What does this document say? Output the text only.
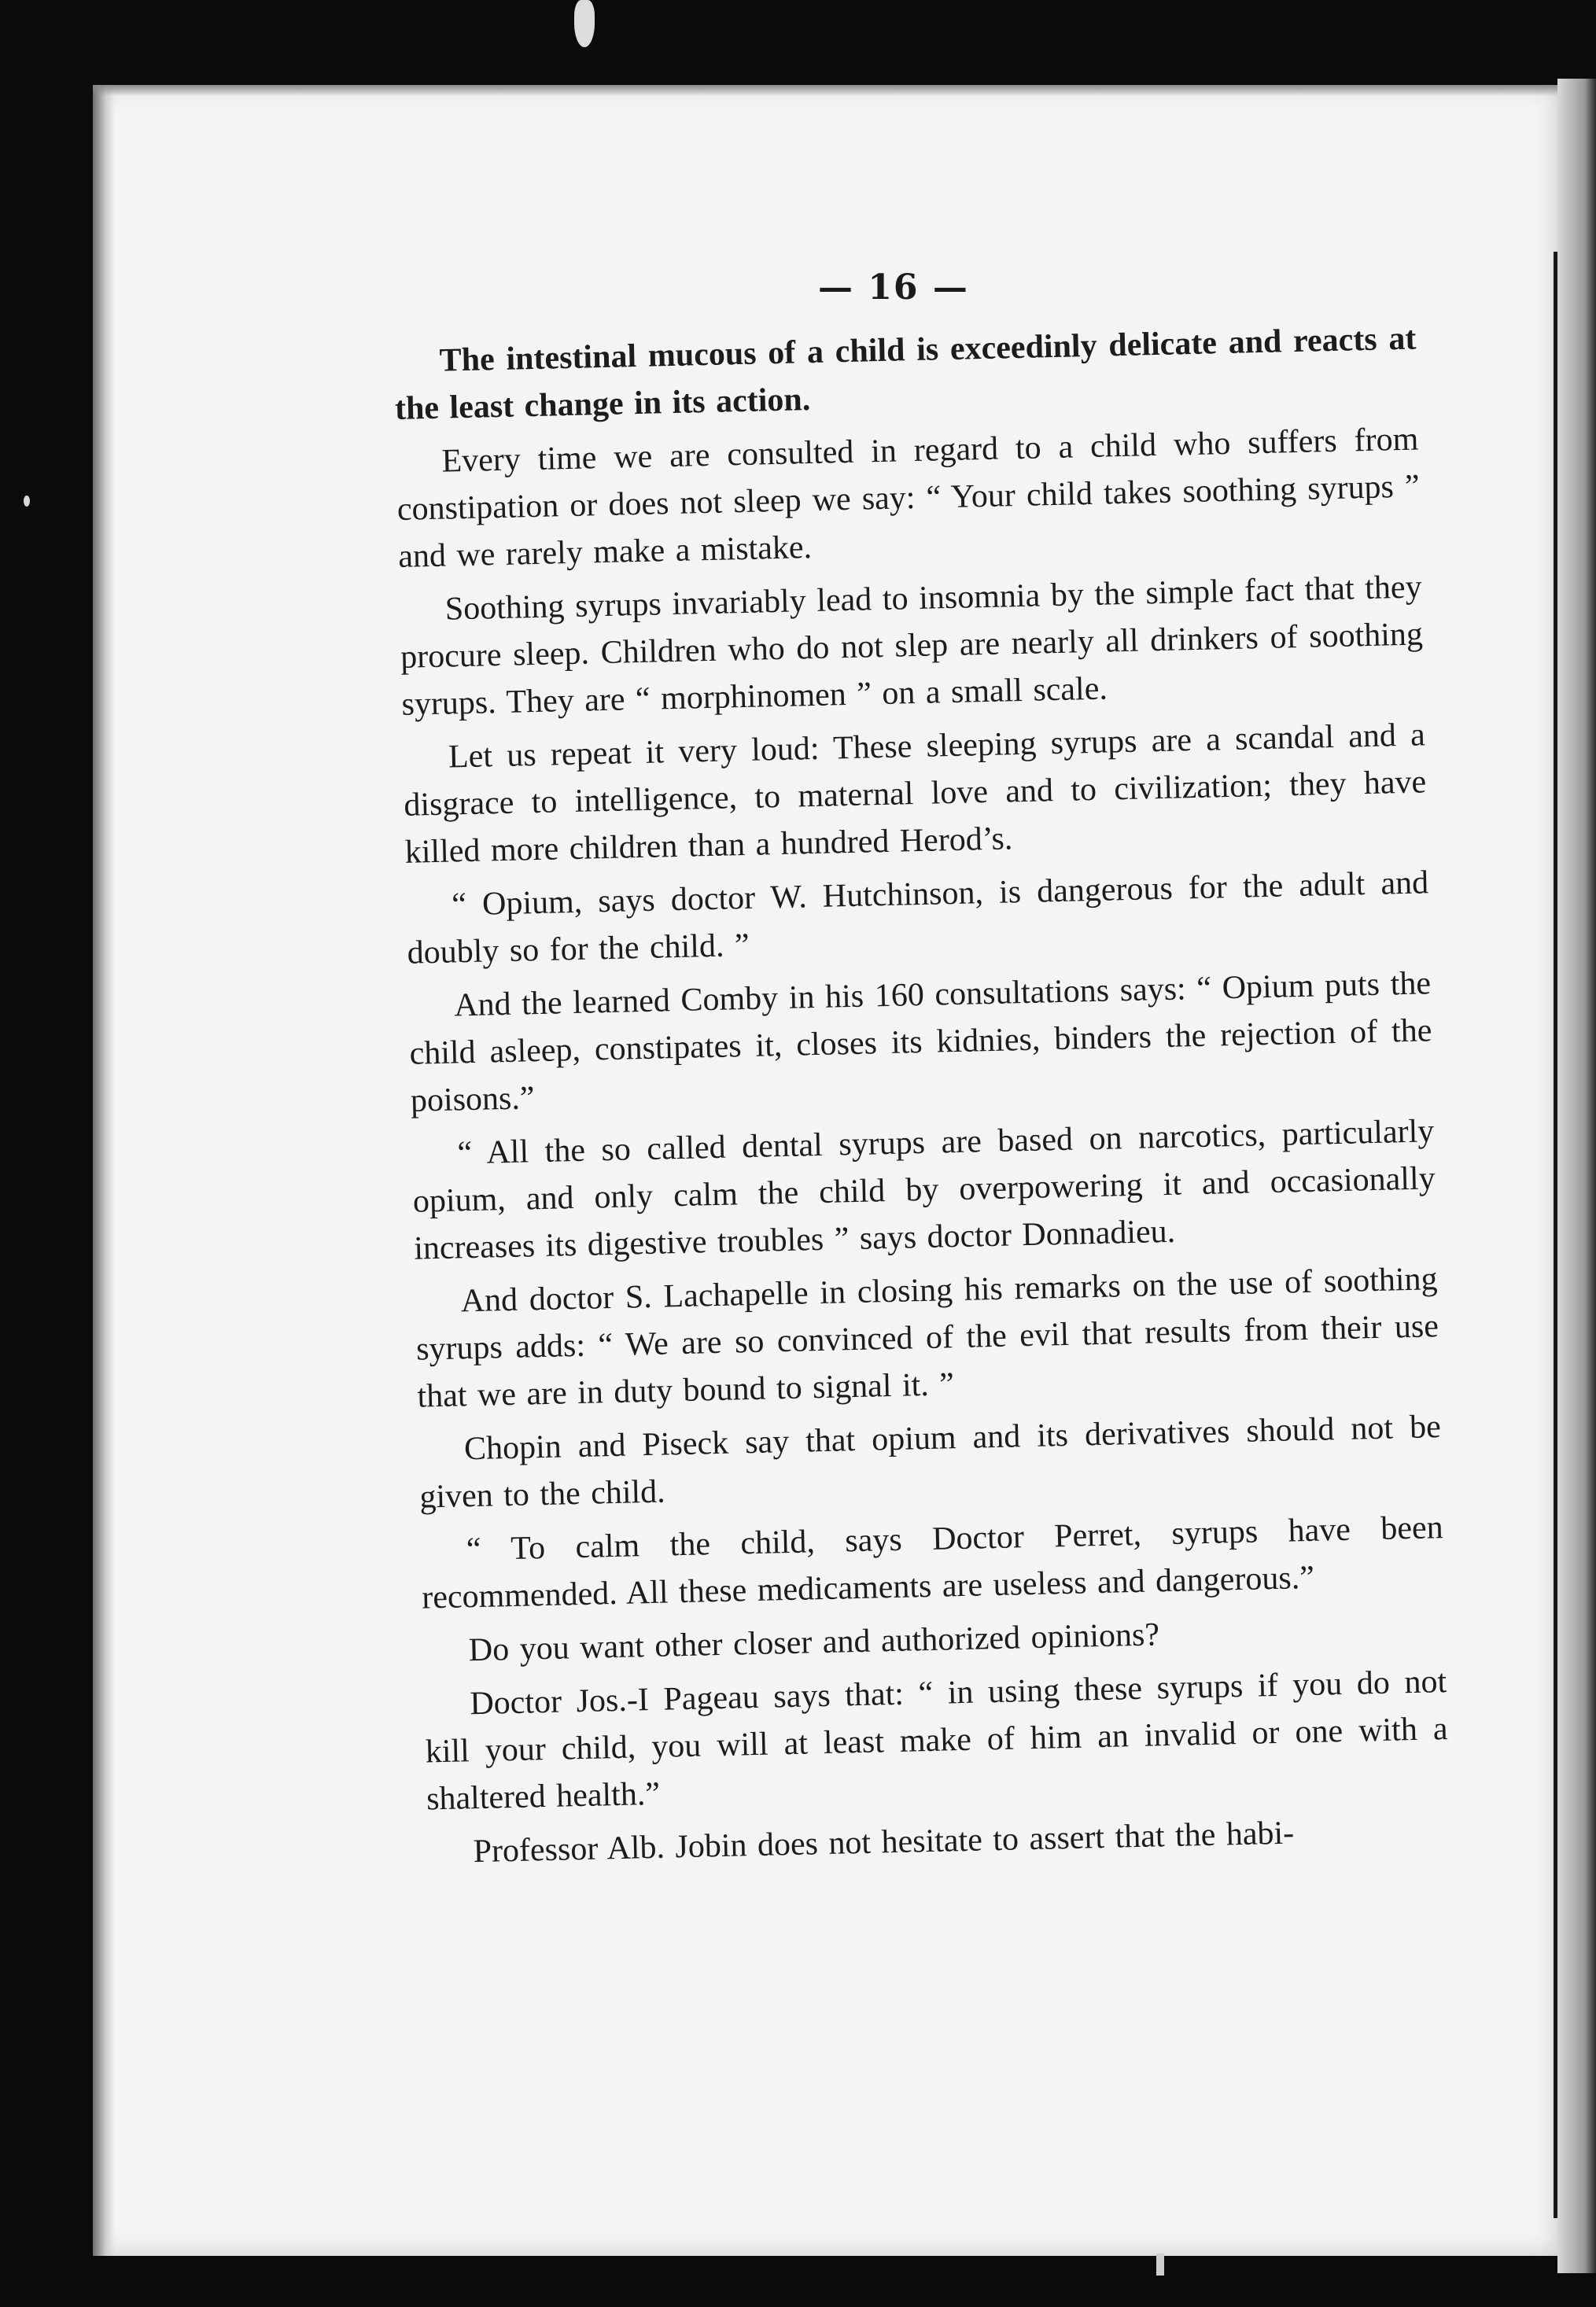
— 16 —

The intestinal mucous of a child is exceedinly delicate and reacts at the least change in its action.

Every time we are consulted in regard to a child who suffers from constipation or does not sleep we say: “ Your child takes soothing syrups ” and we rarely make a mistake.

Soothing syrups invariably lead to insomnia by the simple fact that they procure sleep. Children who do not slep are nearly all drinkers of soothing syrups. They are “ morphinomen ” on a small scale.

Let us repeat it very loud: These sleeping syrups are a scandal and a disgrace to intelligence, to maternal love and to civilization; they have killed more children than a hundred Herod’s.

“ Opium, says doctor W. Hutchinson, is dangerous for the adult and doubly so for the child. ”

And the learned Comby in his 160 consultations says: “ Opium puts the child asleep, constipates it, closes its kidnies, binders the rejection of the poisons.”

“ All the so called dental syrups are based on narcotics, particularly opium, and only calm the child by overpowering it and occasionally increases its digestive troubles ” says doctor Donnadieu.

And doctor S. Lachapelle in closing his remarks on the use of soothing syrups adds: “ We are so convinced of the evil that results from their use that we are in duty bound to signal it. ”

Chopin and Piseck say that opium and its derivatives should not be given to the child.

“ To calm the child, says Doctor Perret, syrups have been recommended. All these medicaments are useless and dangerous.”

Do you want other closer and authorized opinions?

Doctor Jos.-I Pageau says that: “ in using these syrups if you do not kill your child, you will at least make of him an invalid or one with a shaltered health.”

Professor Alb. Jobin does not hesitate to assert that the habi-
